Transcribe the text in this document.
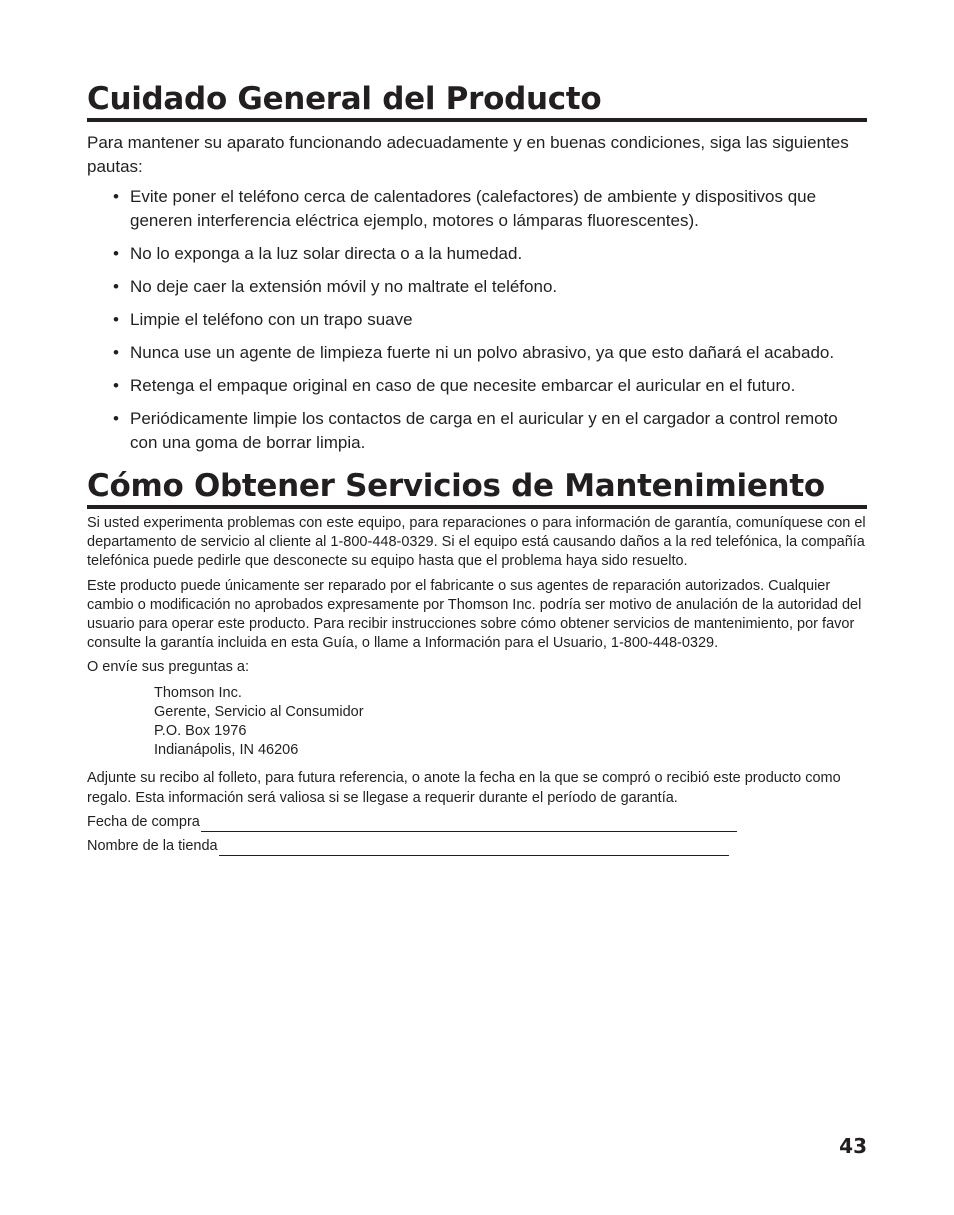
Cuidado General del Producto

Para mantener su aparato funcionando adecuadamente y en buenas condiciones, siga las siguientes pautas:

• Evite poner el teléfono cerca de calentadores (calefactores) de ambiente y dispositivos que generen interferencia eléctrica ejemplo, motores o lámparas fluorescentes).
• No lo exponga a la luz solar directa o a la humedad.
• No deje caer la extensión móvil y no maltrate el teléfono.
• Limpie el teléfono con un trapo suave
• Nunca use un agente de limpieza fuerte ni un polvo abrasivo, ya que esto dañará el acabado.
• Retenga el empaque original en caso de que necesite embarcar el auricular en el futuro.
• Periódicamente limpie los contactos de carga en el auricular y en el cargador a control remoto con una goma de borrar limpia.
Cómo Obtener Servicios de Mantenimiento

Si usted experimenta problemas con este equipo, para reparaciones o para información de garantía, comuníquese con el departamento de servicio al cliente al 1-800-448-0329. Si el equipo está causando daños a la red telefónica, la compañía telefónica puede pedirle que desconecte su equipo hasta que el problema haya sido resuelto.

Este producto puede únicamente ser reparado por el fabricante o sus agentes de reparación autorizados. Cualquier cambio o modificación no aprobados expresamente por Thomson Inc. podría ser motivo de anulación de la autoridad del usuario para operar este producto. Para recibir instrucciones sobre cómo obtener servicios de mantenimiento, por favor consulte la garantía incluida en esta Guía, o llame a Información para el Usuario, 1-800-448-0329.

O envíe sus preguntas a:

Thomson Inc.
Gerente, Servicio al Consumidor
P.O. Box 1976
Indianápolis, IN 46206

Adjunte su recibo al folleto, para futura referencia, o anote la fecha en la que se compró o recibió este producto como regalo. Esta información será valiosa si se llegase a requerir durante el período de garantía.

Fecha de compra
Nombre de la tienda
43
